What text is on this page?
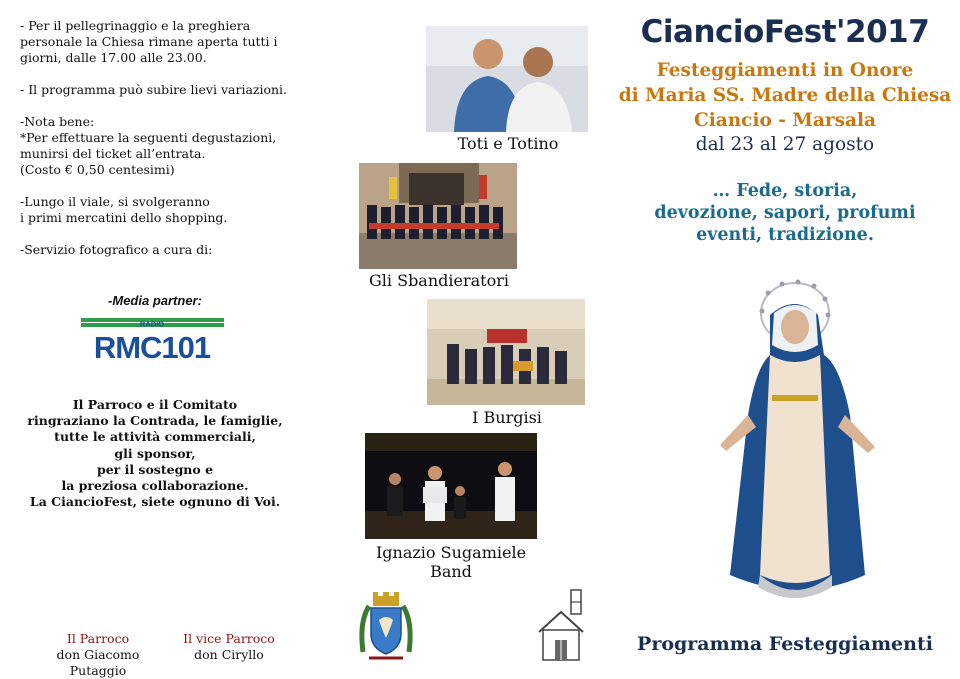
- Per il pellegrinaggio e la preghiera

personale la Chiesa rimane aperta tutti i

giorni, dalle 17.00 alle 23.00.

- Il programma può subire lievi variazioni.

-Nota bene:

*Per effettuare la seguenti degustazioni,

munirsi del ticket all’entrata.

(Costo € 0,50 centesimi)

-Lungo il viale, si svolgeranno

i primi mercatini dello shopping.

-Servizio fotografico a cura di:

-Media partner:
RADIO
RMC101
Il Parroco e il Comitato
ringraziano la Contrada, le famiglie,
tutte le attività commerciali,
gli sponsor,
per il sostegno e
la preziosa collaborazione.
La CiancioFest, siete ognuno di Voi.
Il Parroco
don Giacomo Putaggio
Il vice Parroco
don Ciryllo
Toti e Totino
Gli Sbandieratori
I Burgisi
Ignazio Sugamiele Band
CiancioFest'2017
Festeggiamenti in Onore
di Maria SS. Madre della Chiesa
Ciancio - Marsala
dal 23 al 27 agosto
… Fede, storia,
devozione, sapori, profumi
eventi, tradizione.
Programma Festeggiamenti
